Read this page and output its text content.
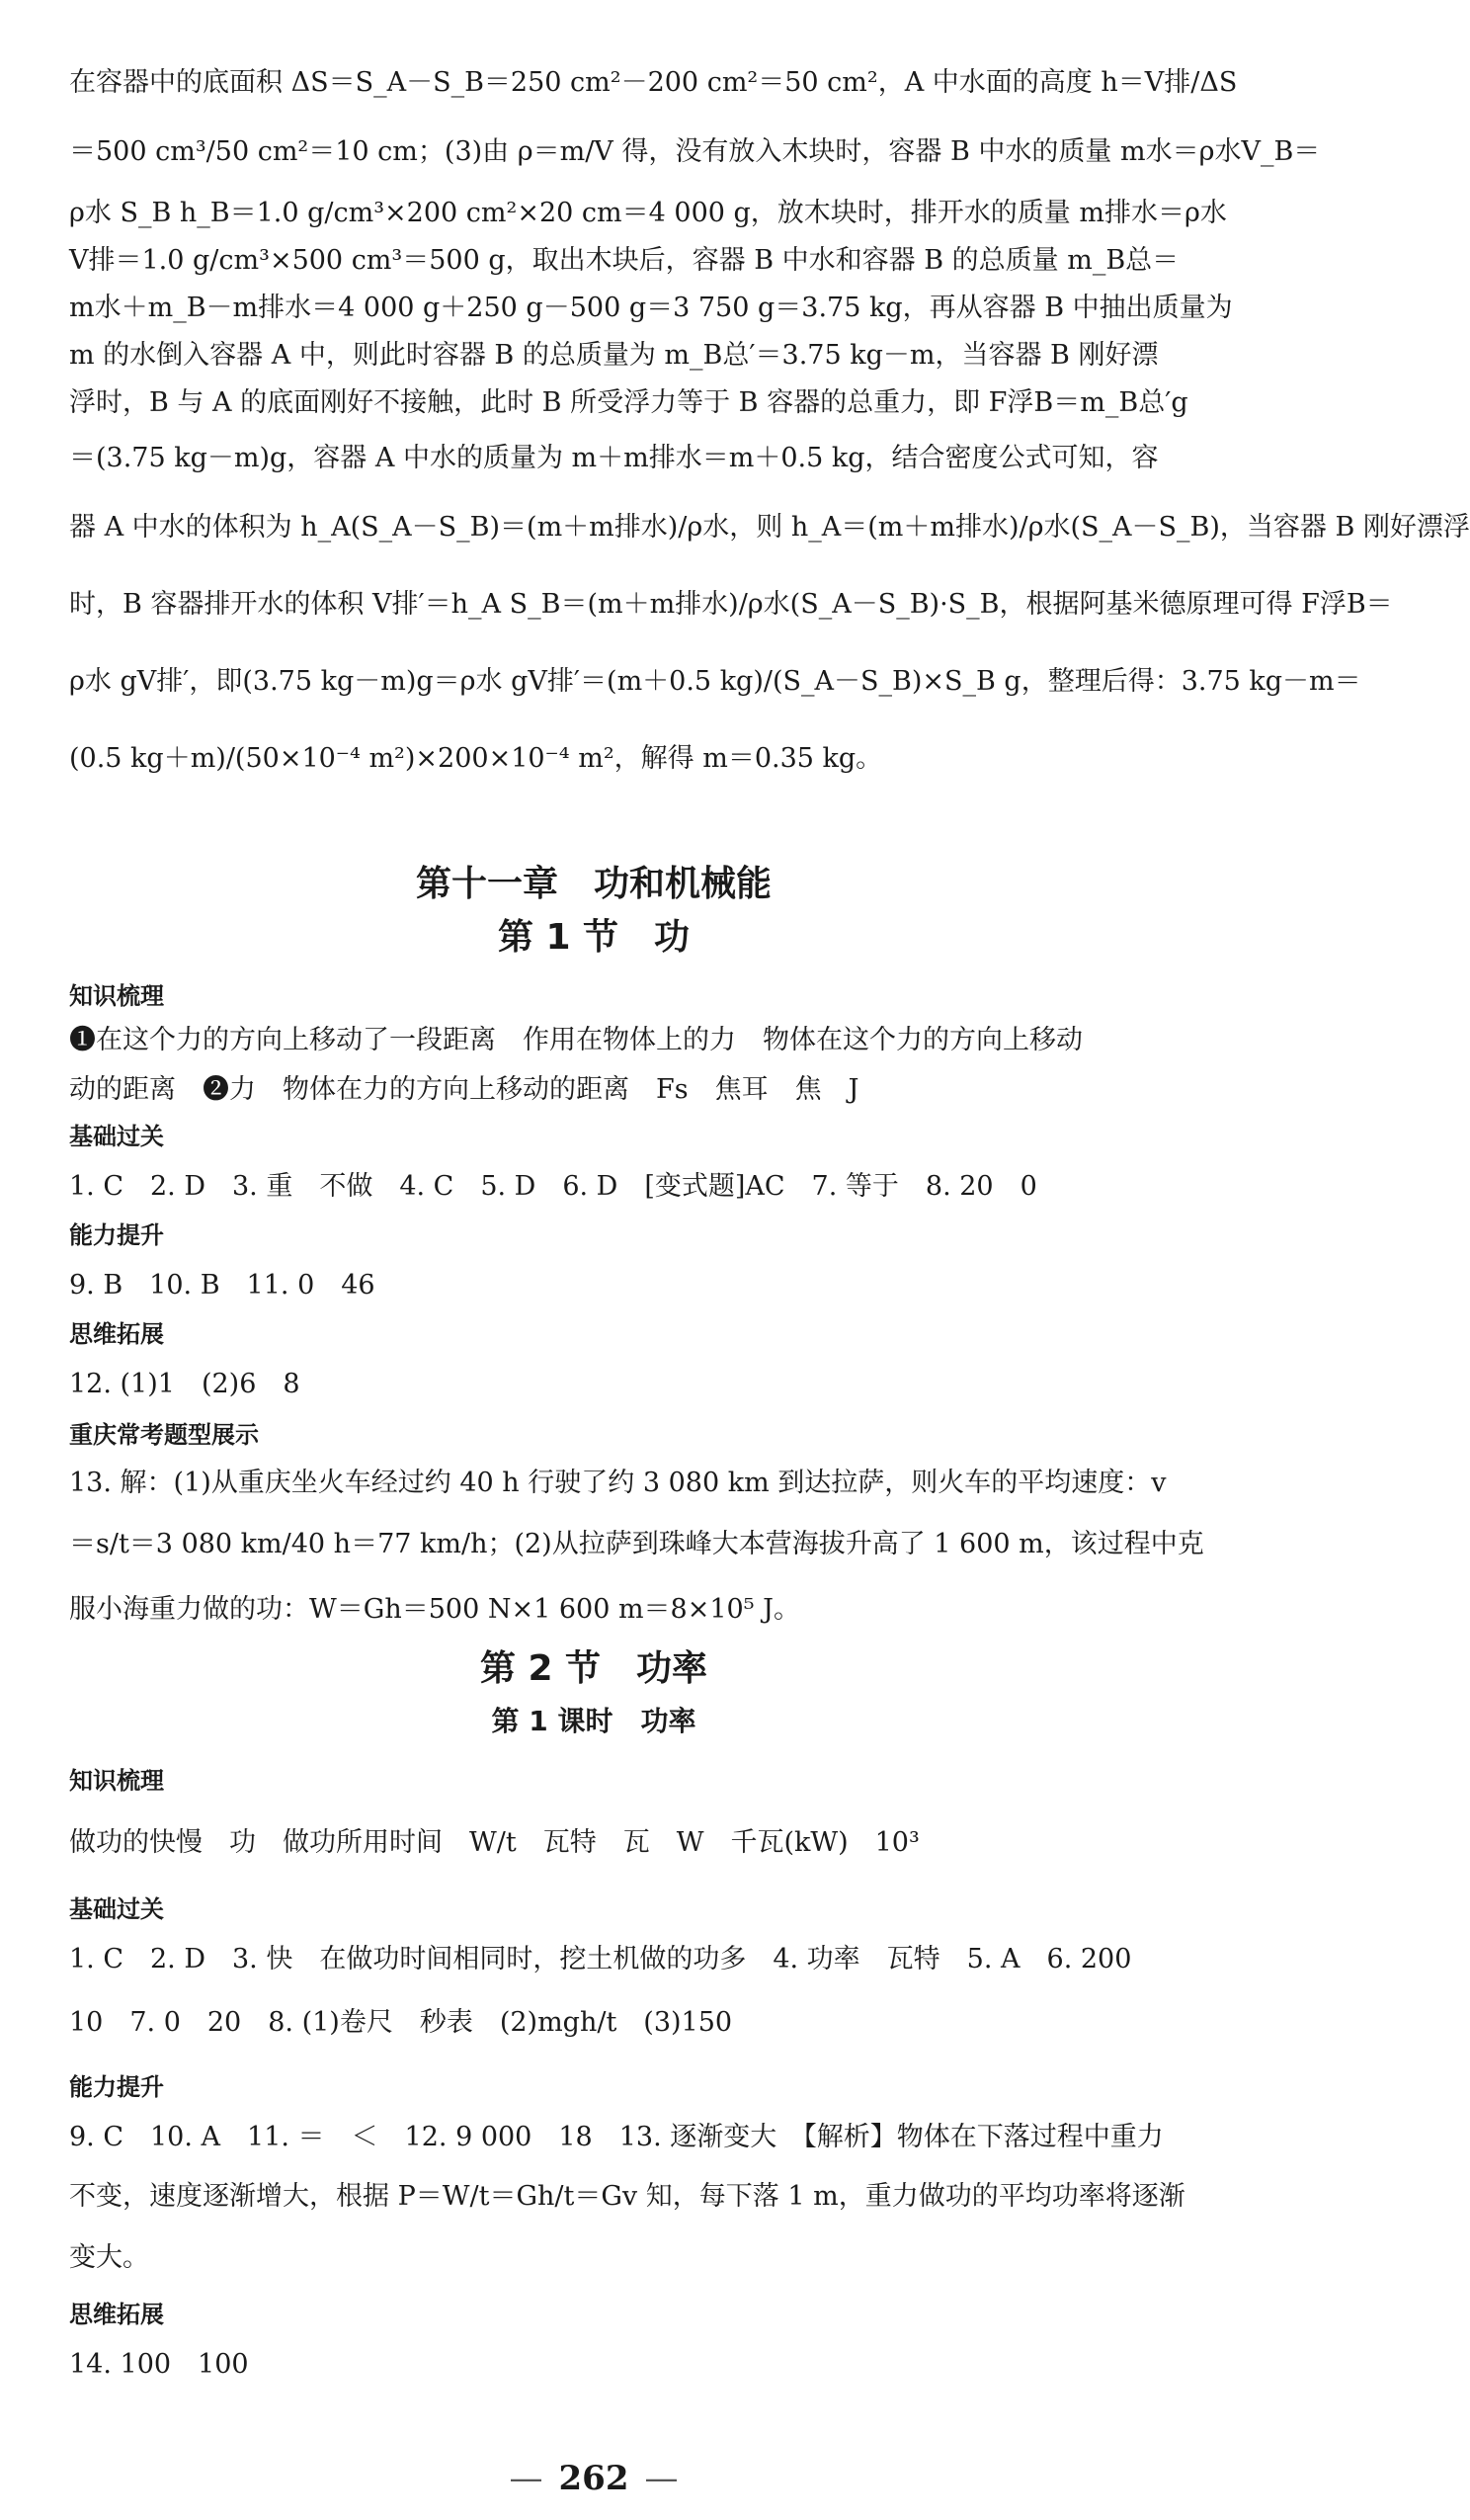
在容器中的底面积 ΔS＝S_A－S_B＝250 cm²－200 cm²＝50 cm²，A 中水面的高度 h＝V排/ΔS

＝500 cm³/50 cm²＝10 cm；(3)由 ρ＝m/V 得，没有放入木块时，容器 B 中水的质量 m水＝ρ水V_B＝

ρ水 S_B h_B＝1.0 g/cm³×200 cm²×20 cm＝4 000 g，放木块时，排开水的质量 m排水＝ρ水

V排＝1.0 g/cm³×500 cm³＝500 g，取出木块后，容器 B 中水和容器 B 的总质量 m_B总＝

m水＋m_B－m排水＝4 000 g＋250 g－500 g＝3 750 g＝3.75 kg，再从容器 B 中抽出质量为

m 的水倒入容器 A 中，则此时容器 B 的总质量为 m_B总′＝3.75 kg－m，当容器 B 刚好漂

浮时，B 与 A 的底面刚好不接触，此时 B 所受浮力等于 B 容器的总重力，即 F浮B＝m_B总′g

＝(3.75 kg－m)g，容器 A 中水的质量为 m＋m排水＝m＋0.5 kg，结合密度公式可知，容

器 A 中水的体积为 h_A(S_A－S_B)＝(m＋m排水)/ρ水，则 h_A＝(m＋m排水)/ρ水(S_A－S_B)，当容器 B 刚好漂浮

时，B 容器排开水的体积 V排′＝h_A S_B＝(m＋m排水)/ρ水(S_A－S_B)·S_B，根据阿基米德原理可得 F浮B＝

ρ水 gV排′，即(3.75 kg－m)g＝ρ水 gV排′＝(m＋0.5 kg)/(S_A－S_B)×S_B g，整理后得：3.75 kg－m＝

(0.5 kg＋m)/(50×10⁻⁴ m²)×200×10⁻⁴ m²，解得 m＝0.35 kg。

第十一章　功和机械能
第 1 节　功
知识梳理
❶在这个力的方向上移动了一段距离　作用在物体上的力　物体在这个力的方向上移动
动的距离　❷力　物体在力的方向上移动的距离　Fs　焦耳　焦　J
基础过关
1. C　2. D　3. 重　不做　4. C　5. D　6. D　[变式题]AC　7. 等于　8. 20　0
能力提升
9. B　10. B　11. 0　46
思维拓展
12. (1)1　(2)6　8
重庆常考题型展示
13. 解：(1)从重庆坐火车经过约 40 h 行驶了约 3 080 km 到达拉萨，则火车的平均速度：v
＝s/t＝3 080 km/40 h＝77 km/h；(2)从拉萨到珠峰大本营海拔升高了 1 600 m，该过程中克
服小海重力做的功：W＝Gh＝500 N×1 600 m＝8×10⁵ J。
第 2 节　功率
第 1 课时　功率
知识梳理
做功的快慢　功　做功所用时间　W/t　瓦特　瓦　W　千瓦(kW)　10³
基础过关
1. C　2. D　3. 快　在做功时间相同时，挖土机做的功多　4. 功率　瓦特　5. A　6. 200
10　7. 0　20　8. (1)卷尺　秒表　(2)mgh/t　(3)150
能力提升
9. C　10. A　11. ＝　＜　12. 9 000　18　13. 逐渐变大　【解析】物体在下落过程中重力
不变，速度逐渐增大，根据 P＝W/t＝Gh/t＝Gv 知，每下落 1 m，重力做功的平均功率将逐渐
变大。
思维拓展
14. 100　100
— 262 —
